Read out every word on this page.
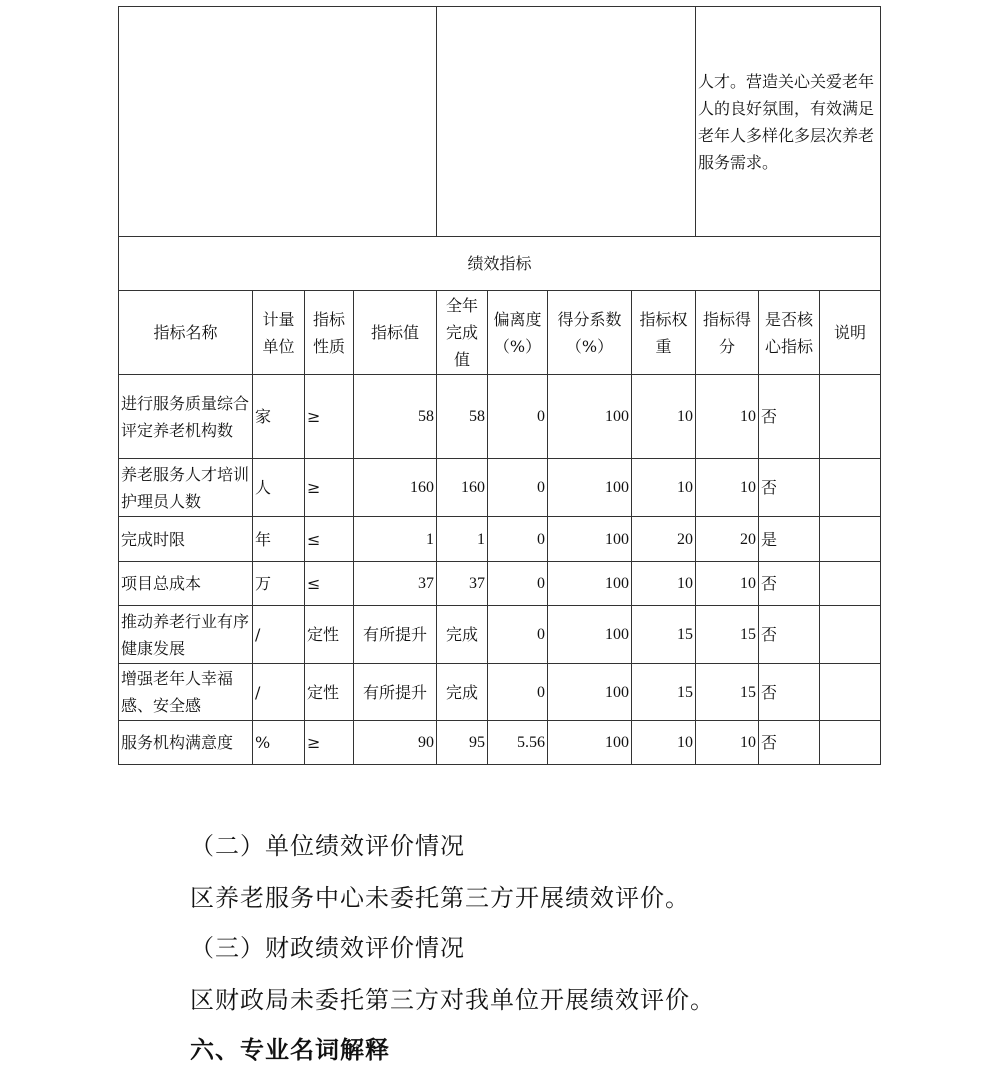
								人才。营造关心关爱老年人的良好氛围，有效满足老年人多样化多层次养老服务需求。		
绩效指标										
指标名称	计量单位	指标性质	指标值	全年完成值	偏离度（%）	得分系数（%）	指标权重	指标得分	是否核心指标	说明
进行服务质量综合评定养老机构数	家	≥	58	58	0	100	10	10	否	
养老服务人才培训护理员人数	人	≥	160	160	0	100	10	10	否	
完成时限	年	≤	1	1	0	100	20	20	是	
项目总成本	万	≤	37	37	0	100	10	10	否	
推动养老行业有序健康发展	/	定性	有所提升	完成	0	100	15	15	否	
增强老年人幸福感、安全感	/	定性	有所提升	完成	0	100	15	15	否	
服务机构满意度	%	≥	90	95	5.56	100	10	10	否	
（二）单位绩效评价情况
区养老服务中心未委托第三方开展绩效评价。
（三）财政绩效评价情况
区财政局未委托第三方对我单位开展绩效评价。
六、专业名词解释
